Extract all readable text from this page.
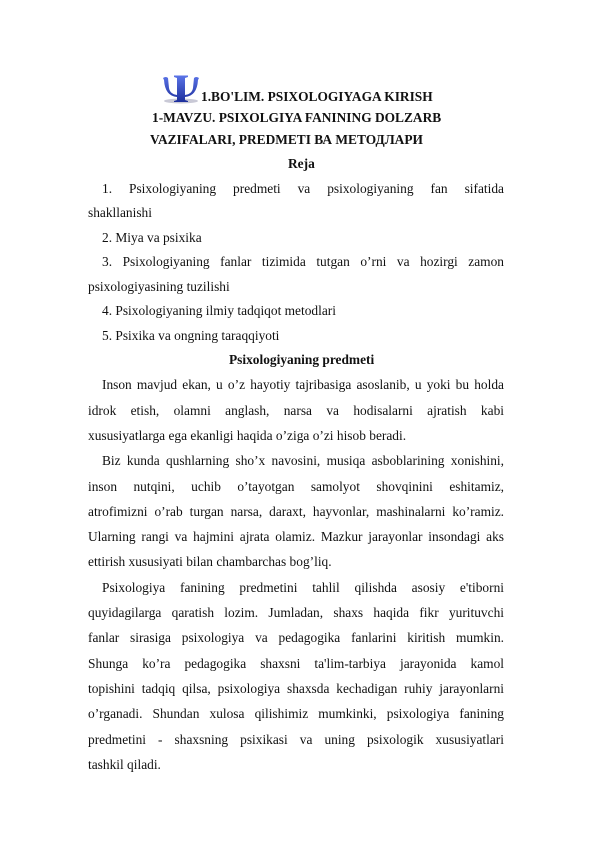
1.BO'LIM. PSIXOLOGIYAGA KIRISH
1-MAVZU. PSIXOLGIYA FANINING DOLZARB
VAZIFALARI, PREDMETI ВА МЕТОДЛАРИ
Reja
1. Psixologiyaning predmeti va psixologiyaning fan sifatida
shakllanishi
2. Miya va psixika
3. Psixologiyaning fanlar tizimida tutgan o’rni va hozirgi zamon
psixologiyasining tuzilishi
4. Psixologiyaning ilmiy tadqiqot metodlari
5. Psixika va ongning taraqqiyoti
Psixologiyaning predmeti
Inson mavjud ekan, u o’z hayotiy tajribasiga asoslanib, u yoki bu holda
idrok etish, olamni anglash, narsa va hodisalarni ajratish kabi
xususiyatlarga ega ekanligi haqida o’ziga o’zi hisob beradi.
Biz kunda qushlarning sho’x navosini, musiqa asboblarining xonishini,
inson nutqini, uchib o’tayotgan samolyot shovqinini eshitamiz,
atrofimizni o’rab turgan narsa, daraxt, hayvonlar, mashinalarni ko’ramiz.
Ularning rangi va hajmini ajrata olamiz. Mazkur jarayonlar insondagi aks
ettirish xususiyati bilan chambarchas bog’liq.
Psixologiya fanining predmetini tahlil qilishda asosiy e'tiborni
quyidagilarga qaratish lozim. Jumladan, shaxs haqida fikr yurituvchi
fanlar sirasiga psixologiya va pedagogika fanlarini kiritish mumkin.
Shunga ko’ra pedagogika shaxsni ta'lim-tarbiya jarayonida kamol
topishini tadqiq qilsa, psixologiya shaxsda kechadigan ruhiy jarayonlarni
o’rganadi. Shundan xulosa qilishimiz mumkinki, psixologiya fanining
predmetini - shaxsning psixikasi va uning psixologik xususiyatlari
tashkil qiladi.
